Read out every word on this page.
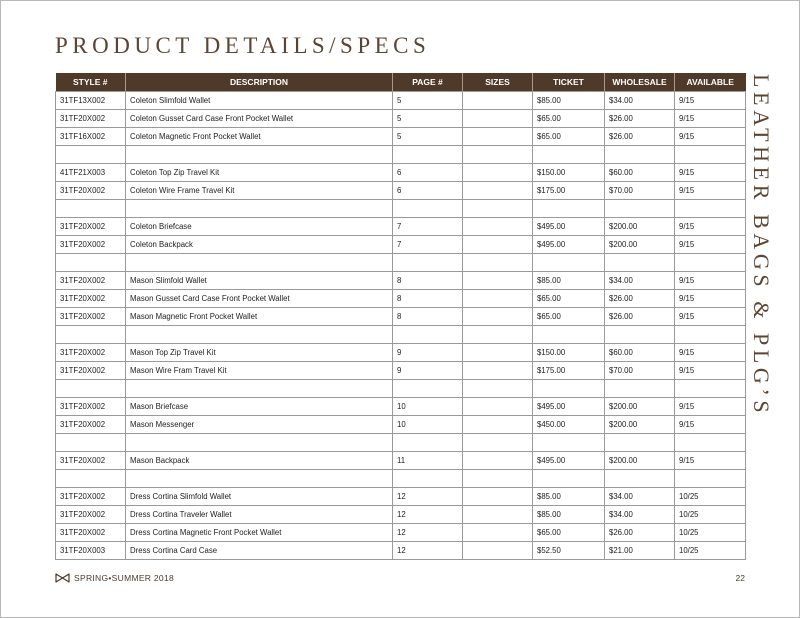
PRODUCT DETAILS/SPECS
LEATHER BAGS & PLG’S
STYLE #	DESCRIPTION	PAGE #	SIZES	TICKET	WHOLESALE	AVAILABLE
31TF13X002	Coleton Slimfold Wallet	5		$85.00	$34.00	9/15
31TF20X002	Coleton Gusset Card Case Front Pocket Wallet	5		$65.00	$26.00	9/15
31TF16X002	Coleton Magnetic Front Pocket Wallet	5		$65.00	$26.00	9/15

41TF21X003	Coleton Top Zip Travel Kit	6		$150.00	$60.00	9/15
31TF20X002	Coleton Wire Frame Travel Kit	6		$175.00	$70.00	9/15

31TF20X002	Coleton Briefcase	7		$495.00	$200.00	9/15
31TF20X002	Coleton Backpack	7		$495.00	$200.00	9/15

31TF20X002	Mason Slimfold Wallet	8		$85.00	$34.00	9/15
31TF20X002	Mason Gusset Card Case Front Pocket Wallet	8		$65.00	$26.00	9/15
31TF20X002	Mason Magnetic Front Pocket Wallet	8		$65.00	$26.00	9/15

31TF20X002	Mason Top Zip Travel Kit	9		$150.00	$60.00	9/15
31TF20X002	Mason Wire Fram Travel Kit	9		$175.00	$70.00	9/15

31TF20X002	Mason Briefcase	10		$495.00	$200.00	9/15
31TF20X002	Mason Messenger	10		$450.00	$200.00	9/15

31TF20X002	Mason Backpack	11		$495.00	$200.00	9/15

31TF20X002	Dress Cortina Slimfold Wallet	12		$85.00	$34.00	10/25
31TF20X002	Dress Cortina Traveler Wallet	12		$85.00	$34.00	10/25
31TF20X002	Dress Cortina Magnetic Front Pocket Wallet	12		$65.00	$26.00	10/25
31TF20X003	Dress Cortina Card Case	12		$52.50	$21.00	10/25
SPRING•SUMMER 2018	22
